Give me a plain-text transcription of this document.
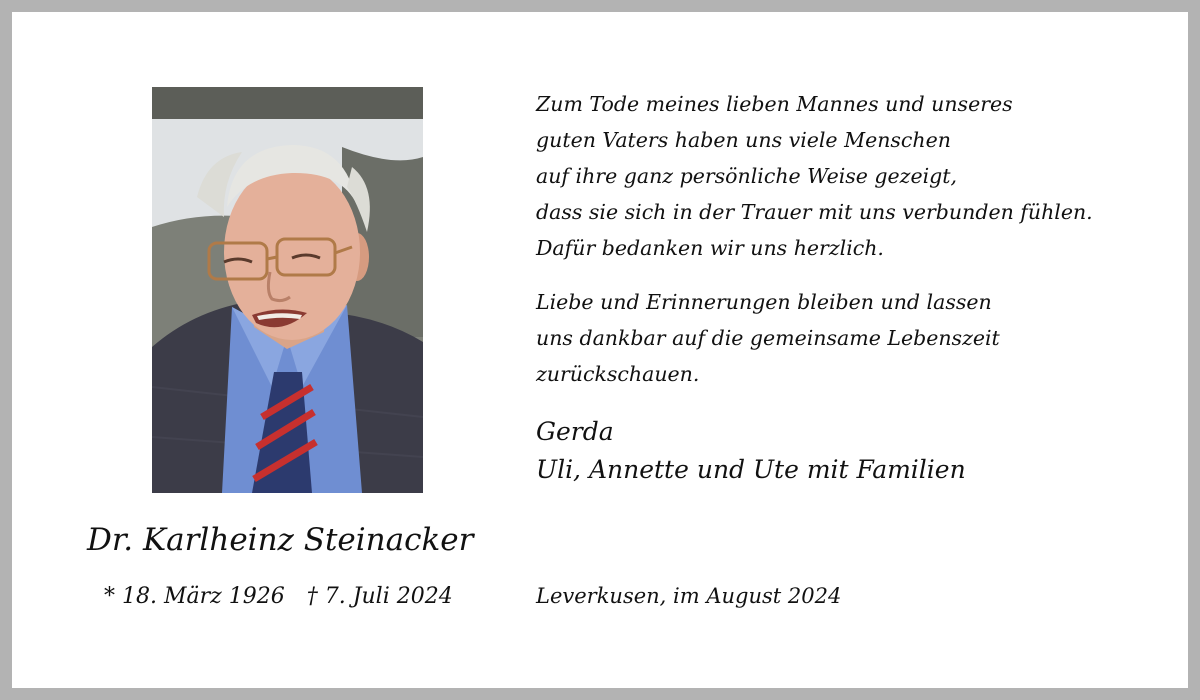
Dr. Karlheinz Steinacker
* 18. März 1926 † 7. Juli 2024
Zum Tode meines lieben Mannes und unseres
guten Vaters haben uns viele Menschen
auf ihre ganz persönliche Weise gezeigt,
dass sie sich in der Trauer mit uns verbunden fühlen.
Dafür bedanken wir uns herzlich.
Liebe und Erinnerungen bleiben und lassen
uns dankbar auf die gemeinsame Lebenszeit
zurückschauen.
Gerda
Uli, Annette und Ute mit Familien
Leverkusen, im August 2024
